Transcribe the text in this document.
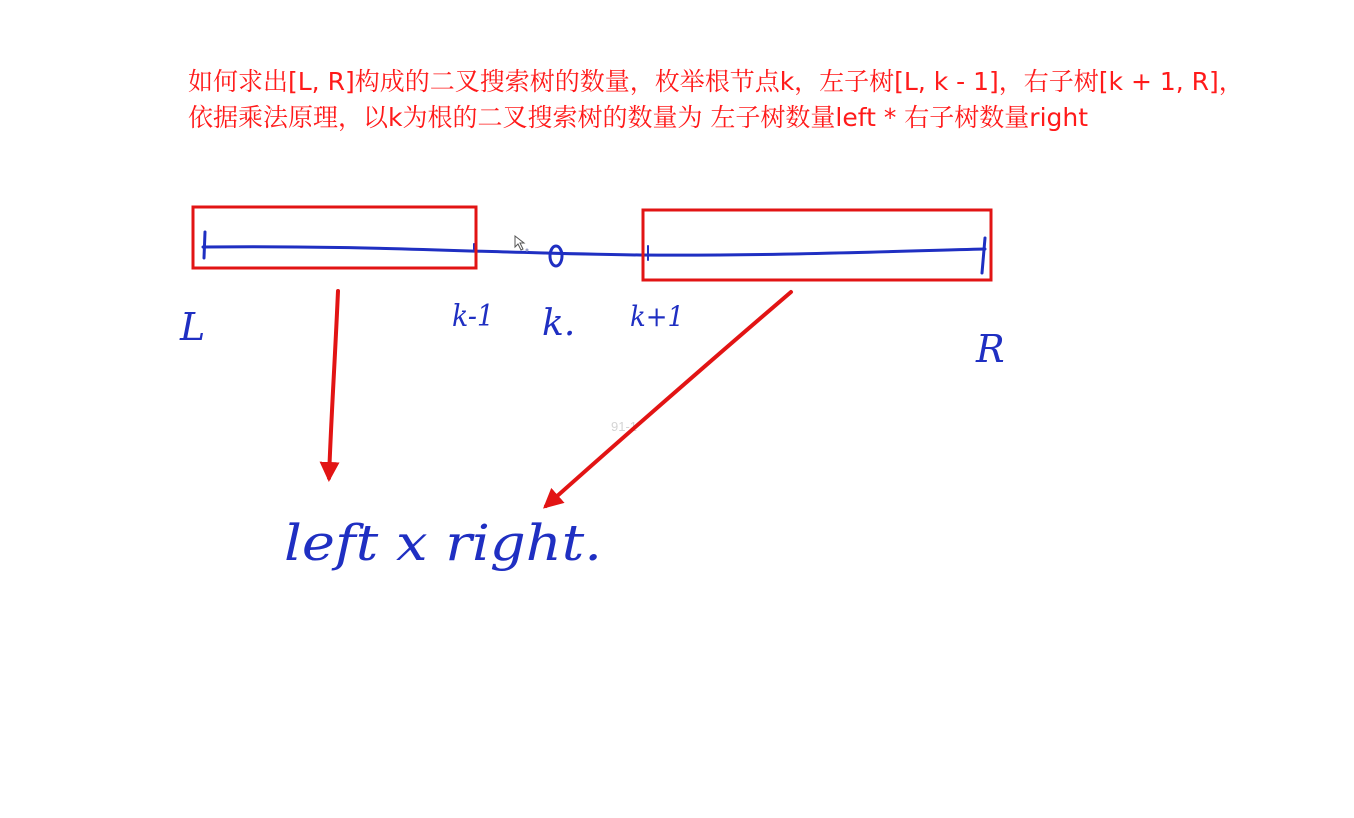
如何求出[L, R]构成的二叉搜索树的数量，枚举根节点k，左子树[L, k - 1]，右子树[k + 1, R]，
依据乘法原理，以k为根的二叉搜索树的数量为 左子树数量left * 右子树数量right
91-1
L	k-1 k. k+1
R
left x right.
